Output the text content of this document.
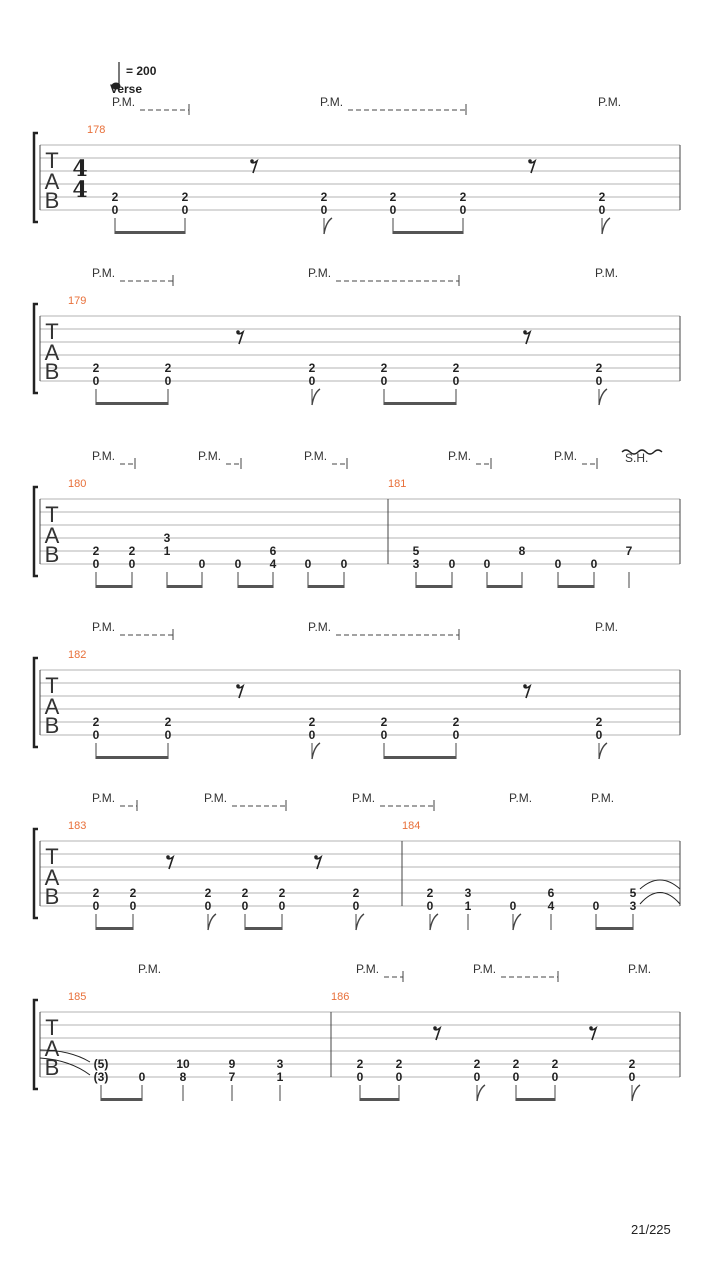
= 200
Verse
T
A
B
4
4
178
P.M.	P.M.	P.M.
2
0
2
0
2
0
2
0
2
0
2
0
T
A
B
179
P.M.	P.M.	P.M.
2
0
2
0
2
0
2
0
2
0
2
0
T
A
B
180	181
P.M.	P.M.	P.M.	P.M.	P.M.	S.H.
2
0
2
0
3
1
0 0
6
4 0 0
5
3 0 0
8
0 0
7
T
A
B
182
P.M.	P.M.	P.M.
2
0
2
0
2
0
2
0
2
0
2
0
T
A
B
183	184
P.M.	P.M.	P.M.	P.M.	P.M.
2
0
2
0
2
0
2
0
2
0
2
0
2
0
3
1	0
6
4	0
5
3
T
A
B
185	186
P.M.	P.M.	P.M.	P.M.
(5)
(3)	0
10
8
9
7
3
1
2
0
2
0
2
0
2
0
2
0
2
0
21/225
